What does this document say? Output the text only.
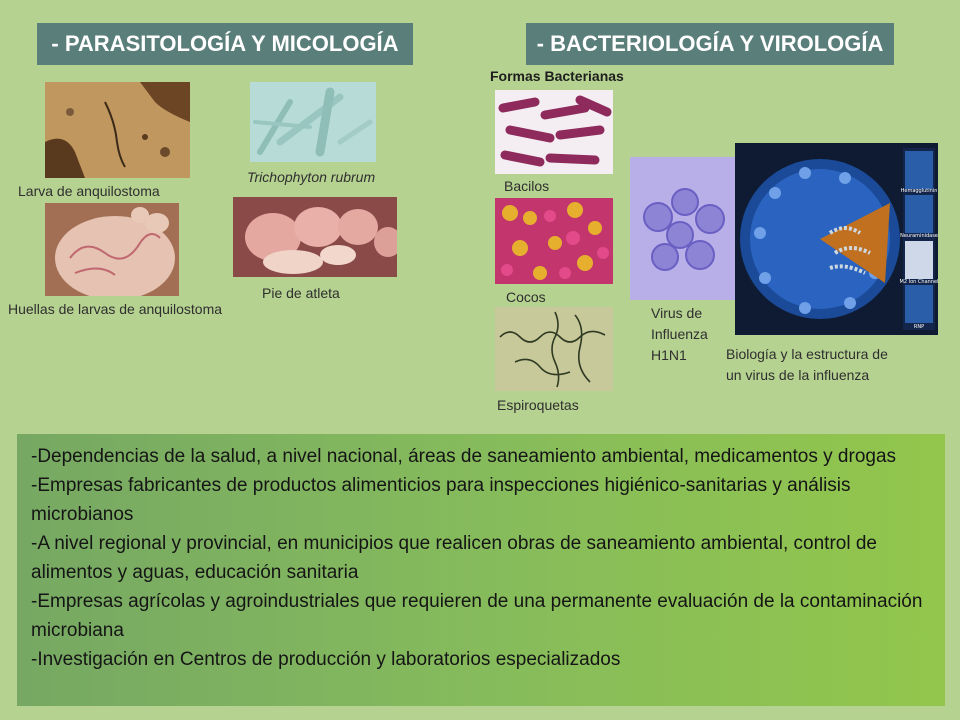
- PARASITOLOGÍA Y MICOLOGÍA	- BACTERIOLOGÍA Y VIROLOGÍA
Larva de anquilostoma
Trichophyton rubrum
Huellas de larvas de anquilostoma
Pie de atleta
Formas Bacterianas
Bacilos
Cocos
Espiroquetas
Virus de
Influenza
H1N1
Hemagglutinin
Neuraminidase
M2 Ion Channel
RNP
Biología y la estructura de
un virus de la influenza

-Dependencias de la salud, a nivel nacional, áreas de saneamiento ambiental, medicamentos y drogas

-Empresas fabricantes de productos alimenticios para inspecciones higiénico-sanitarias y análisis microbianos

-A nivel regional y provincial, en municipios que realicen obras de saneamiento ambiental, control de alimentos y aguas, educación sanitaria

-Empresas agrícolas y agroindustriales que requieren de una permanente evaluación de la contaminación microbiana

-Investigación en Centros de producción y laboratorios especializados
